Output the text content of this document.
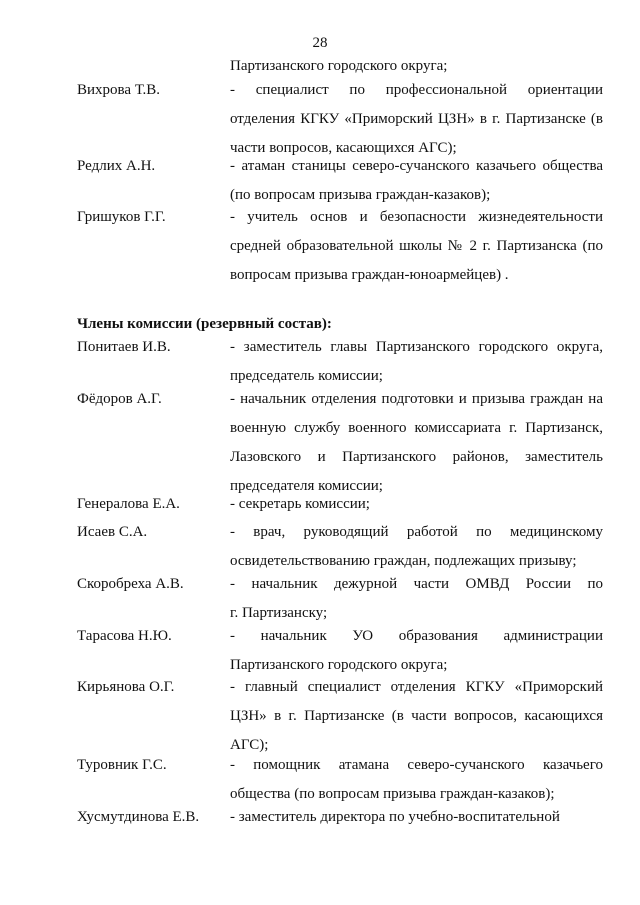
28
Партизанского городского округа;
Вихрова Т.В.	- специалист по профессиональной ориентации
отделения КГКУ «Приморский ЦЗН» в г. Партизанске (в
части вопросов, касающихся АГС);
Редлих А.Н.	- атаман станицы северо-сучанского казачьего общества
(по вопросам призыва граждан-казаков);
Гришуков Г.Г.	- учитель основ и безопасности жизнедеятельности
средней образовательной школы № 2 г. Партизанска (по
вопросам призыва граждан-юноармейцев) .
Члены комиссии (резервный состав):
Понитаев И.В.	- заместитель главы Партизанского городского округа,
председатель комиссии;
Фёдоров А.Г.	- начальник отделения подготовки и призыва граждан на
военную службу военного комиссариата г. Партизанск,
Лазовского и Партизанского районов, заместитель
председателя комиссии;
Генералова Е.А.	- секретарь комиссии;
Исаев С.А.	- врач, руководящий работой по медицинскому
освидетельствованию граждан, подлежащих призыву;
Скоробреха А.В.	- начальник дежурной части ОМВД России по
г. Партизанску;
Тарасова Н.Ю.	- начальник УО образования администрации
Партизанского городского округа;
Кирьянова О.Г.	- главный специалист отделения КГКУ «Приморский
ЦЗН» в г. Партизанске (в части вопросов, касающихся
АГС);
Туровник Г.С.	- помощник атамана северо-сучанского казачьего
общества (по вопросам призыва граждан-казаков);
Хусмутдинова Е.В. - заместитель директора по учебно-воспитательной
